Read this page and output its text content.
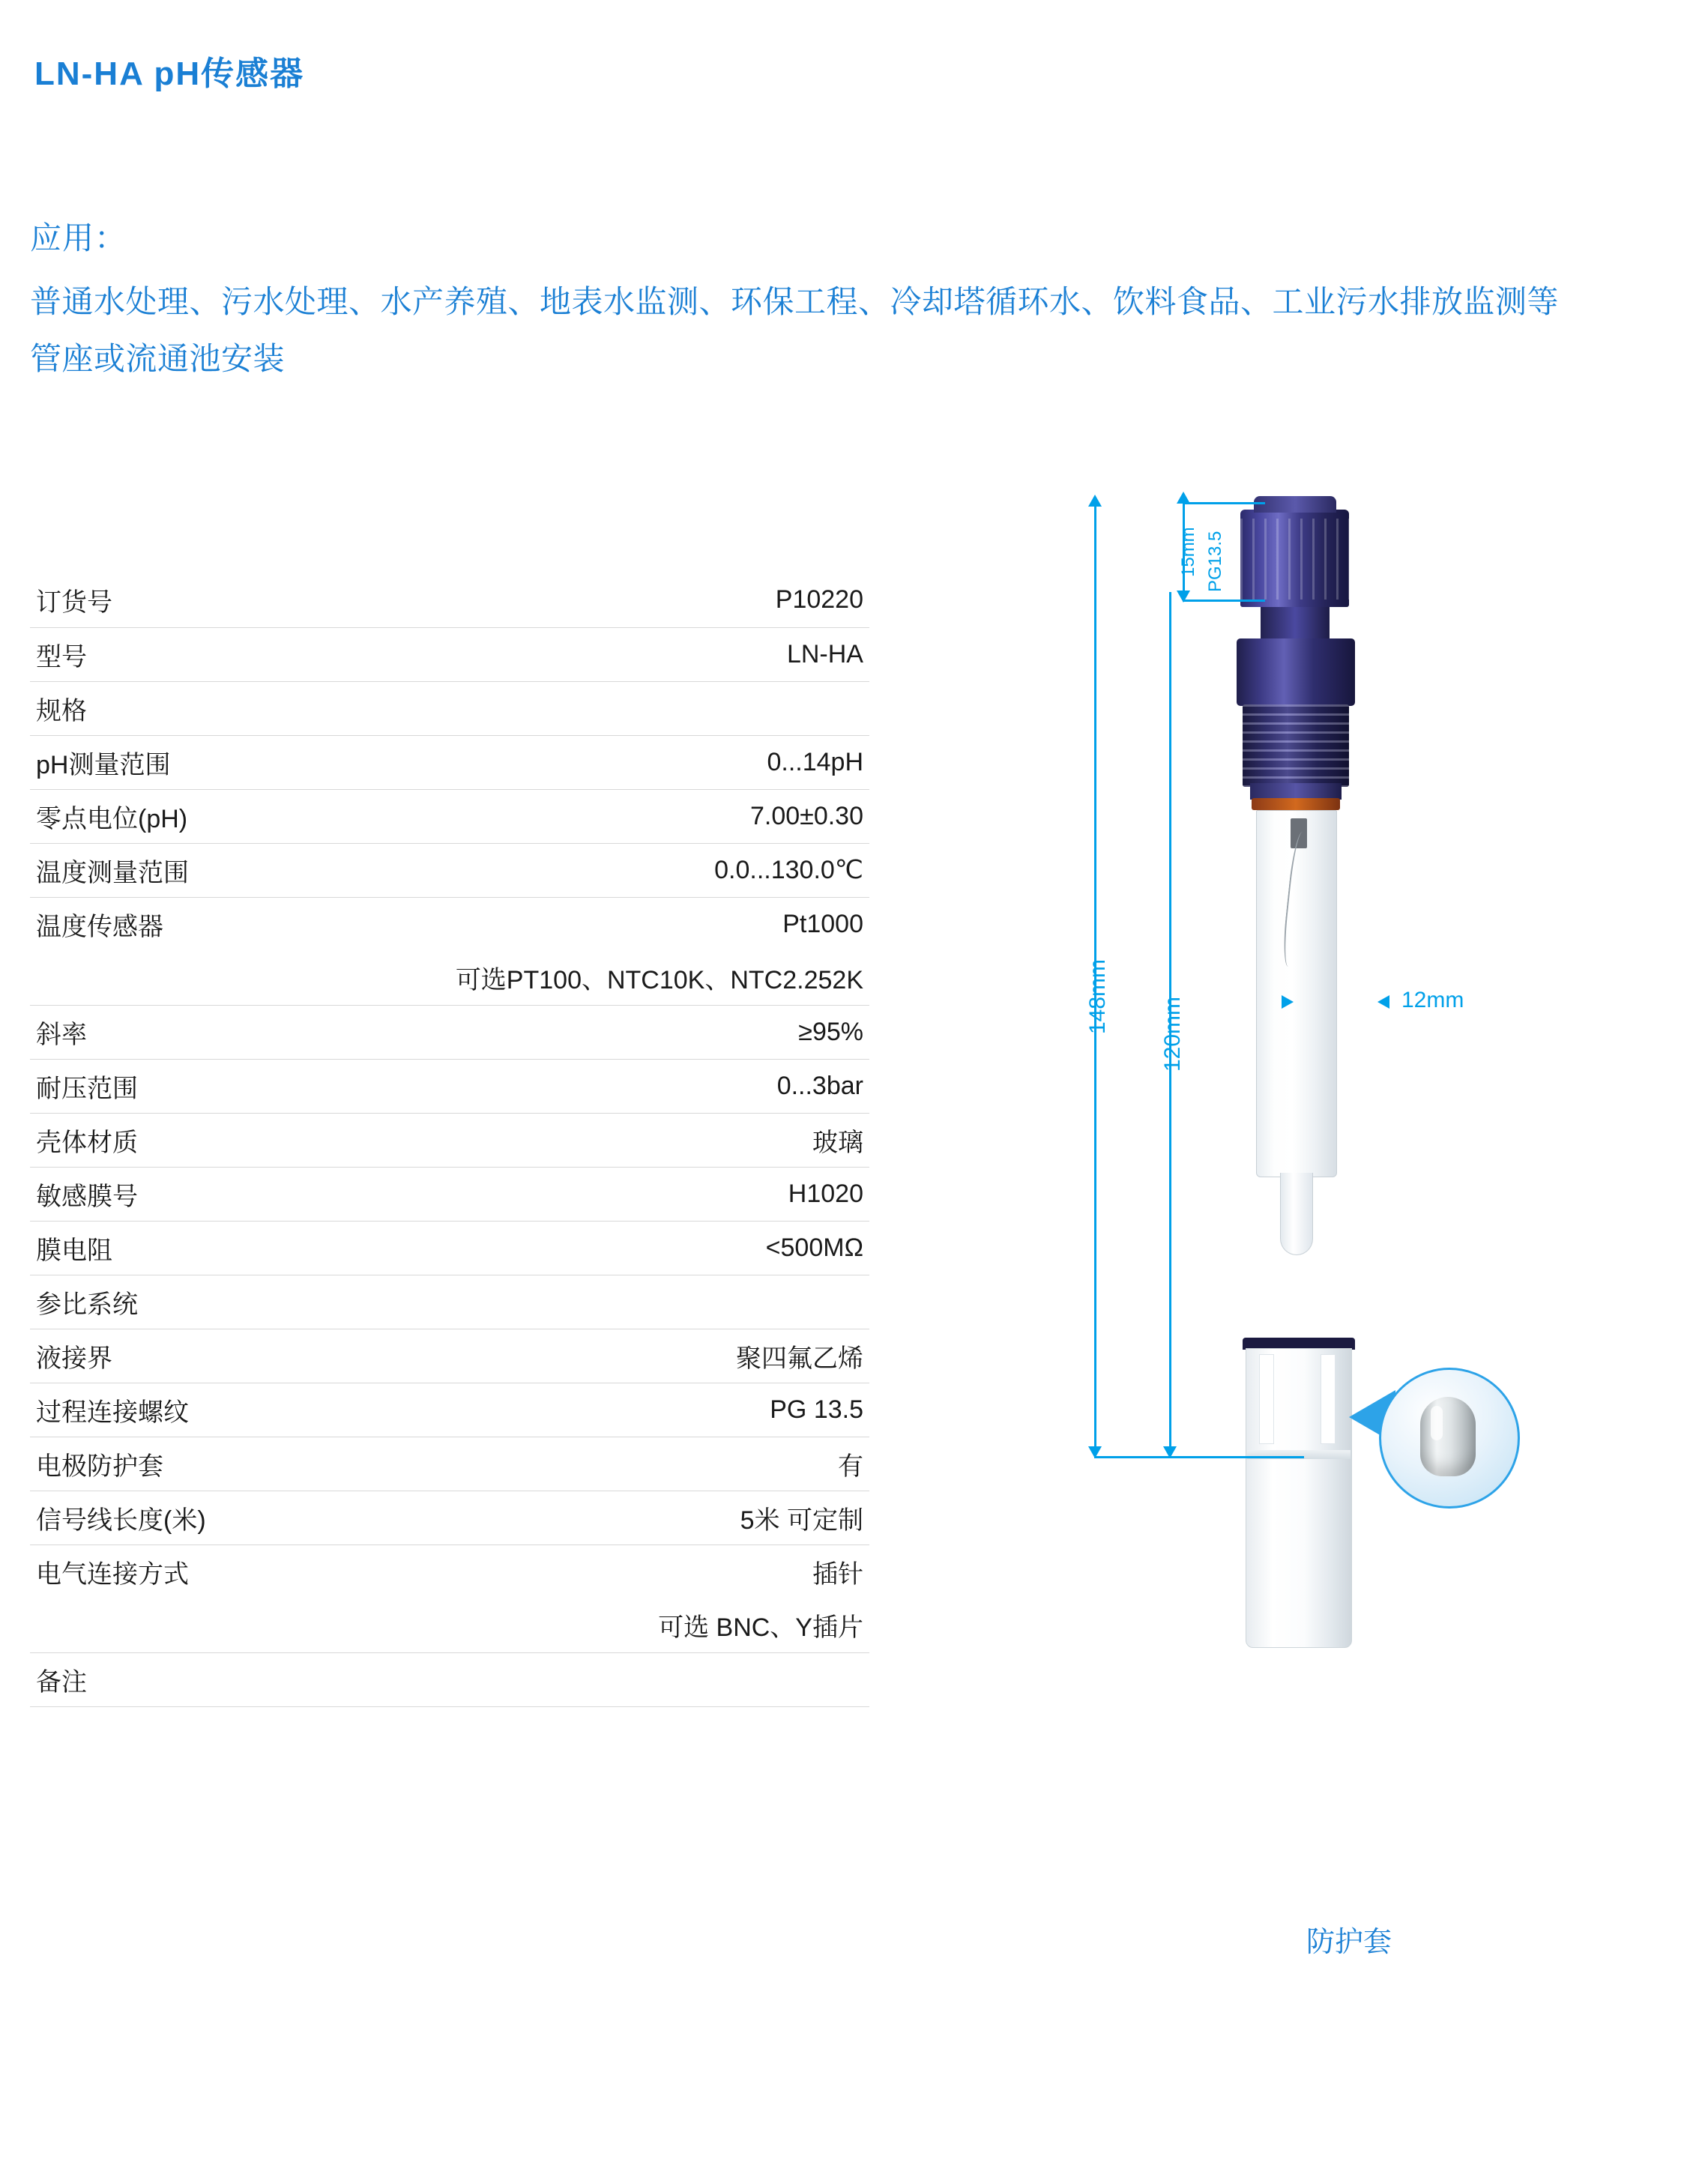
LN-HA pH传感器
应用：
普通水处理、污水处理、水产养殖、地表水监测、环保工程、冷却塔循环水、饮料食品、工业污水排放监测等管座或流通池安装
订货号	P10220
型号	LN-HA
规格	
pH测量范围	0...14pH
零点电位(pH)	7.00±0.30
温度测量范围	0.0...130.0℃
温度传感器	Pt1000
	可选PT100、NTC10K、NTC2.252K
斜率	≥95%
耐压范围	0...3bar
壳体材质	玻璃
敏感膜号	H1020
膜电阻	<500MΩ
参比系统	
液接界	聚四氟乙烯
过程连接螺纹	PG 13.5
电极防护套	有
信号线长度(米)	5米 可定制
电气连接方式	插针
	可选 BNC、Y插片
备注	
148mm 120mm
15mm PG13.5
12mm
防护套
